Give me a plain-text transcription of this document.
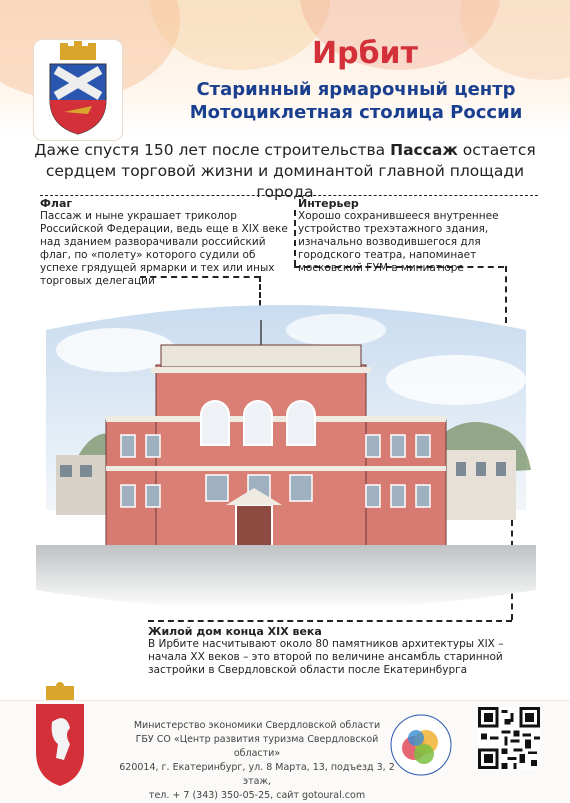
Ирбит
Старинный ярмарочный центр
Мотоциклетная столица России
Даже спустя 150 лет после строительства Пассаж остается сердцем торговой жизни и доминантой главной площади города
Флаг
Пассаж и ныне украшает триколор Российской Федерации, ведь еще в XIX веке над зданием разворачивали российский флаг, по «полету» которого судили об успехе грядущей ярмарки и тех или иных торговых делегаций
Интерьер
Хорошо сохранившееся внутреннее устройство трехэтажного здания, изначально возводившегося для городского театра, напоминает московский ГУМ в миниатюре
Жилой дом конца XIX века
В Ирбите насчитывают около 80 памятников архитектуры XIX – начала XX веков – это второй по величине ансамбль старинной застройки в Свердловской области после Екатеринбурга
Министерство экономики Свердловской области
ГБУ СО «Центр развития туризма Свердловской области»
620014, г. Екатеринбург, ул. 8 Марта, 13, подъезд 3, 2 этаж,
тел. + 7 (343) 350-05-25, сайт gotoural.com
